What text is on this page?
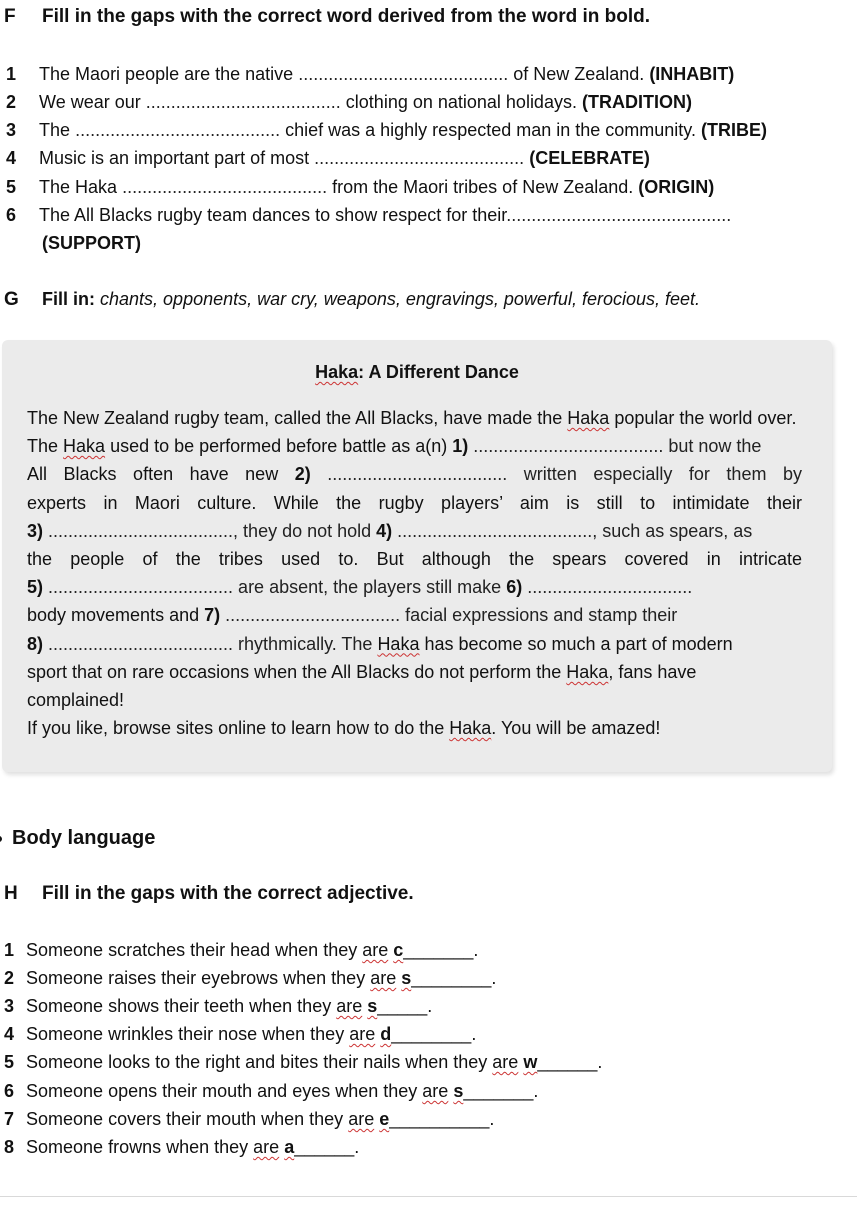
F Fill in the gaps with the correct word derived from the word in bold.
1 The Maori people are the native .......................................... of New Zealand. (INHABIT)
2 We wear our ....................................... clothing on national holidays. (TRADITION)
3 The ......................................... chief was a highly respected man in the community. (TRIBE)
4 Music is an important part of most .......................................... (CELEBRATE)
5 The Haka ......................................... from the Maori tribes of New Zealand. (ORIGIN)
6 The All Blacks rugby team dances to show respect for their.............................................
(SUPPORT)
G Fill in: chants, opponents, war cry, weapons, engravings, powerful, ferocious, feet.
Haka: A Different Dance

The New Zealand rugby team, called the All Blacks, have made the Haka popular the world over.

The Haka used to be performed before battle as a(n) 1) ...................................... but now the

All Blacks often have new 2) .................................... written especially for them by

experts in Maori culture. While the rugby players’ aim is still to intimidate their

3) ....................................., they do not hold 4) ......................................., such as spears, as

the people of the tribes used to. But although the spears covered in intricate

5) ..................................... are absent, the players still make 6) .................................

body movements and 7) ................................... facial expressions and stamp their

8) ..................................... rhythmically. The Haka has become so much a part of modern

sport that on rare occasions when the All Blacks do not perform the Haka, fans have

complained!

If you like, browse sites online to learn how to do the Haka. You will be amazed!

Body language
H Fill in the gaps with the correct adjective.
1 Someone scratches their head when they are c_______.
2 Someone raises their eyebrows when they are s________.
3 Someone shows their teeth when they are s_____.
4 Someone wrinkles their nose when they are d________.
5 Someone looks to the right and bites their nails when they are w______.
6 Someone opens their mouth and eyes when they are s_______.
7 Someone covers their mouth when they are e__________.
8 Someone frowns when they are a______.
